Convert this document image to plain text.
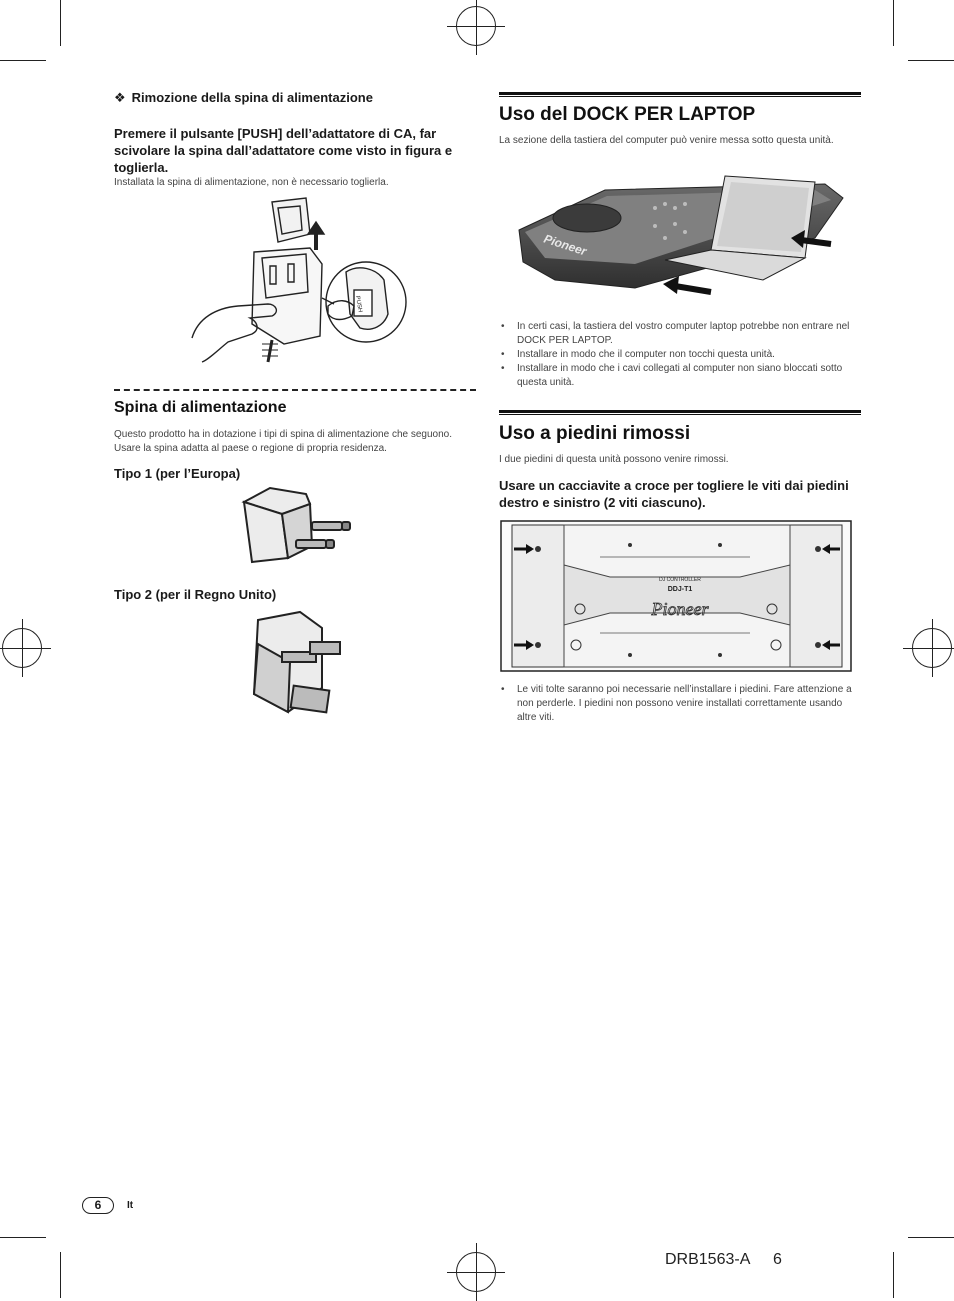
❖ Rimozione della spina di alimentazione
Premere il pulsante [PUSH] dell’adattatore di CA, far scivolare la spina dall’adattatore come visto in figura e toglierla.
Installata la spina di alimentazione, non è necessario toglierla.
PUSH
Spina di alimentazione
Questo prodotto ha in dotazione i tipi di spina di alimentazione che seguono. Usare la spina adatta al paese o regione di propria residenza.
Tipo 1 (per l’Europa)
Tipo 2 (per il Regno Unito)
Uso del DOCK PER LAPTOP
La sezione della tastiera del computer può venire messa sotto questa unità.
Pioneer
• In certi casi, la tastiera del vostro computer laptop potrebbe non entrare nel DOCK PER LAPTOP.
• Installare in modo che il computer non tocchi questa unità.
• Installare in modo che i cavi collegati al computer non siano bloccati sotto questa unità.
Uso a piedini rimossi
I due piedini di questa unità possono venire rimossi.
Usare un cacciavite a croce per togliere le viti dai piedini destro e sinistro (2 viti ciascuno).
DJ CONTROLLER
DDJ-T1
Pioneer
• Le viti tolte saranno poi necessarie nell’installare i piedini. Fare attenzione a non perderle. I piedini non possono venire installati correttamente usando altre viti.
6	It
DRB1563-A 6
